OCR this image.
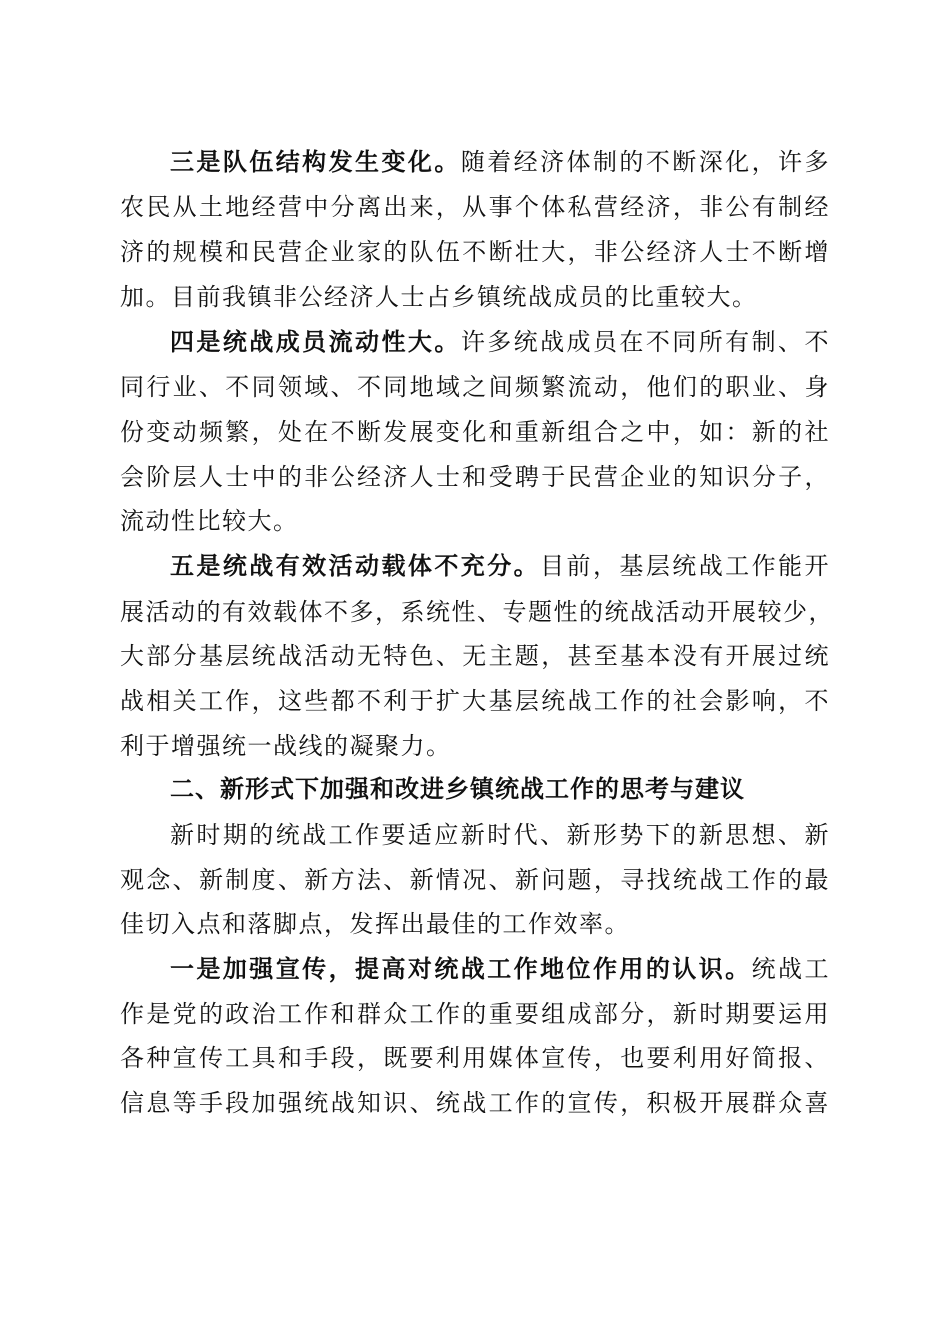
三是队伍结构发生变化。随着经济体制的不断深化，许多
农民从土地经营中分离出来，从事个体私营经济，非公有制经
济的规模和民营企业家的队伍不断壮大，非公经济人士不断增
加。目前我镇非公经济人士占乡镇统战成员的比重较大。
四是统战成员流动性大。许多统战成员在不同所有制、不
同行业、不同领域、不同地域之间频繁流动，他们的职业、身
份变动频繁，处在不断发展变化和重新组合之中，如：新的社
会阶层人士中的非公经济人士和受聘于民营企业的知识分子，
流动性比较大。
五是统战有效活动载体不充分。目前，基层统战工作能开
展活动的有效载体不多，系统性、专题性的统战活动开展较少，
大部分基层统战活动无特色、无主题，甚至基本没有开展过统
战相关工作，这些都不利于扩大基层统战工作的社会影响，不
利于增强统一战线的凝聚力。
二、新形式下加强和改进乡镇统战工作的思考与建议
新时期的统战工作要适应新时代、新形势下的新思想、新
观念、新制度、新方法、新情况、新问题，寻找统战工作的最
佳切入点和落脚点，发挥出最佳的工作效率。
一是加强宣传，提高对统战工作地位作用的认识。统战工
作是党的政治工作和群众工作的重要组成部分，新时期要运用
各种宣传工具和手段，既要利用媒体宣传，也要利用好简报、
信息等手段加强统战知识、统战工作的宣传，积极开展群众喜
